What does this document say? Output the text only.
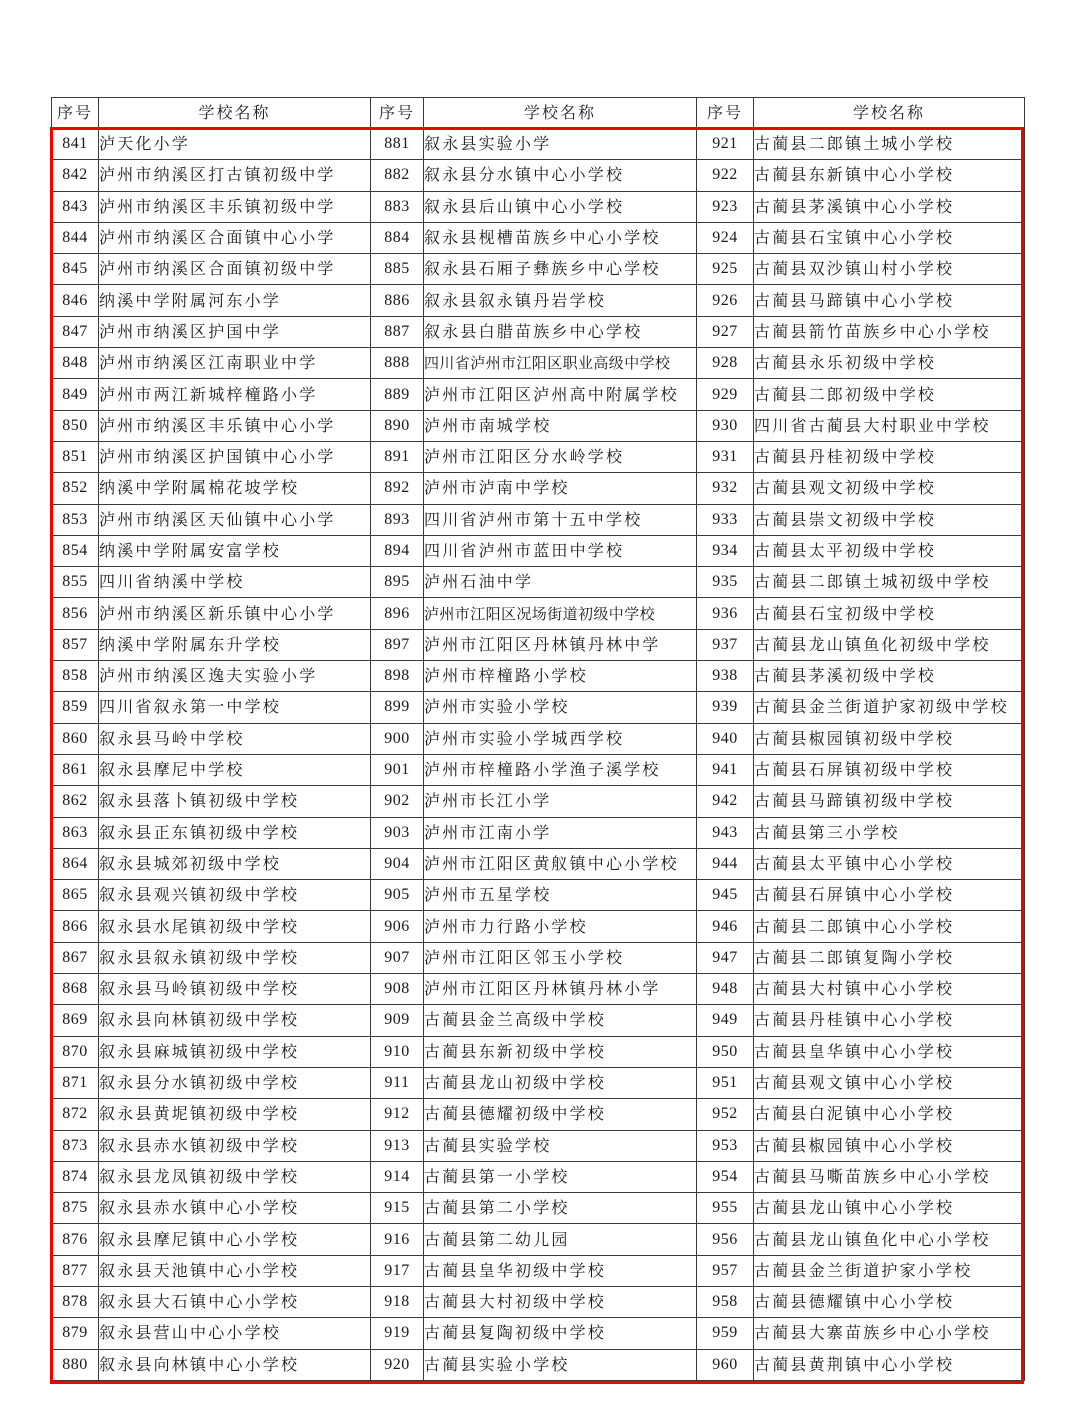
序号	学校名称	序号	学校名称	序号	学校名称
841	泸天化小学	881	叙永县实验小学	921	古蔺县二郎镇土城小学校
842	泸州市纳溪区打古镇初级中学	882	叙永县分水镇中心小学校	922	古蔺县东新镇中心小学校
843	泸州市纳溪区丰乐镇初级中学	883	叙永县后山镇中心小学校	923	古蔺县茅溪镇中心小学校
844	泸州市纳溪区合面镇中心小学	884	叙永县枧槽苗族乡中心小学校	924	古蔺县石宝镇中心小学校
845	泸州市纳溪区合面镇初级中学	885	叙永县石厢子彝族乡中心学校	925	古蔺县双沙镇山村小学校
846	纳溪中学附属河东小学	886	叙永县叙永镇丹岩学校	926	古蔺县马蹄镇中心小学校
847	泸州市纳溪区护国中学	887	叙永县白腊苗族乡中心学校	927	古蔺县箭竹苗族乡中心小学校
848	泸州市纳溪区江南职业中学	888	四川省泸州市江阳区职业高级中学校	928	古蔺县永乐初级中学校
849	泸州市两江新城梓橦路小学	889	泸州市江阳区泸州高中附属学校	929	古蔺县二郎初级中学校
850	泸州市纳溪区丰乐镇中心小学	890	泸州市南城学校	930	四川省古蔺县大村职业中学校
851	泸州市纳溪区护国镇中心小学	891	泸州市江阳区分水岭学校	931	古蔺县丹桂初级中学校
852	纳溪中学附属棉花坡学校	892	泸州市泸南中学校	932	古蔺县观文初级中学校
853	泸州市纳溪区天仙镇中心小学	893	四川省泸州市第十五中学校	933	古蔺县崇文初级中学校
854	纳溪中学附属安富学校	894	四川省泸州市蓝田中学校	934	古蔺县太平初级中学校
855	四川省纳溪中学校	895	泸州石油中学	935	古蔺县二郎镇土城初级中学校
856	泸州市纳溪区新乐镇中心小学	896	泸州市江阳区况场街道初级中学校	936	古蔺县石宝初级中学校
857	纳溪中学附属东升学校	897	泸州市江阳区丹林镇丹林中学	937	古蔺县龙山镇鱼化初级中学校
858	泸州市纳溪区逸夫实验小学	898	泸州市梓橦路小学校	938	古蔺县茅溪初级中学校
859	四川省叙永第一中学校	899	泸州市实验小学校	939	古蔺县金兰街道护家初级中学校
860	叙永县马岭中学校	900	泸州市实验小学城西学校	940	古蔺县椒园镇初级中学校
861	叙永县摩尼中学校	901	泸州市梓橦路小学渔子溪学校	941	古蔺县石屏镇初级中学校
862	叙永县落卜镇初级中学校	902	泸州市长江小学	942	古蔺县马蹄镇初级中学校
863	叙永县正东镇初级中学校	903	泸州市江南小学	943	古蔺县第三小学校
864	叙永县城郊初级中学校	904	泸州市江阳区黄舣镇中心小学校	944	古蔺县太平镇中心小学校
865	叙永县观兴镇初级中学校	905	泸州市五星学校	945	古蔺县石屏镇中心小学校
866	叙永县水尾镇初级中学校	906	泸州市力行路小学校	946	古蔺县二郎镇中心小学校
867	叙永县叙永镇初级中学校	907	泸州市江阳区邻玉小学校	947	古蔺县二郎镇复陶小学校
868	叙永县马岭镇初级中学校	908	泸州市江阳区丹林镇丹林小学	948	古蔺县大村镇中心小学校
869	叙永县向林镇初级中学校	909	古蔺县金兰高级中学校	949	古蔺县丹桂镇中心小学校
870	叙永县麻城镇初级中学校	910	古蔺县东新初级中学校	950	古蔺县皇华镇中心小学校
871	叙永县分水镇初级中学校	911	古蔺县龙山初级中学校	951	古蔺县观文镇中心小学校
872	叙永县黄坭镇初级中学校	912	古蔺县德耀初级中学校	952	古蔺县白泥镇中心小学校
873	叙永县赤水镇初级中学校	913	古蔺县实验学校	953	古蔺县椒园镇中心小学校
874	叙永县龙凤镇初级中学校	914	古蔺县第一小学校	954	古蔺县马嘶苗族乡中心小学校
875	叙永县赤水镇中心小学校	915	古蔺县第二小学校	955	古蔺县龙山镇中心小学校
876	叙永县摩尼镇中心小学校	916	古蔺县第二幼儿园	956	古蔺县龙山镇鱼化中心小学校
877	叙永县天池镇中心小学校	917	古蔺县皇华初级中学校	957	古蔺县金兰街道护家小学校
878	叙永县大石镇中心小学校	918	古蔺县大村初级中学校	958	古蔺县德耀镇中心小学校
879	叙永县营山中心小学校	919	古蔺县复陶初级中学校	959	古蔺县大寨苗族乡中心小学校
880	叙永县向林镇中心小学校	920	古蔺县实验小学校	960	古蔺县黄荆镇中心小学校
